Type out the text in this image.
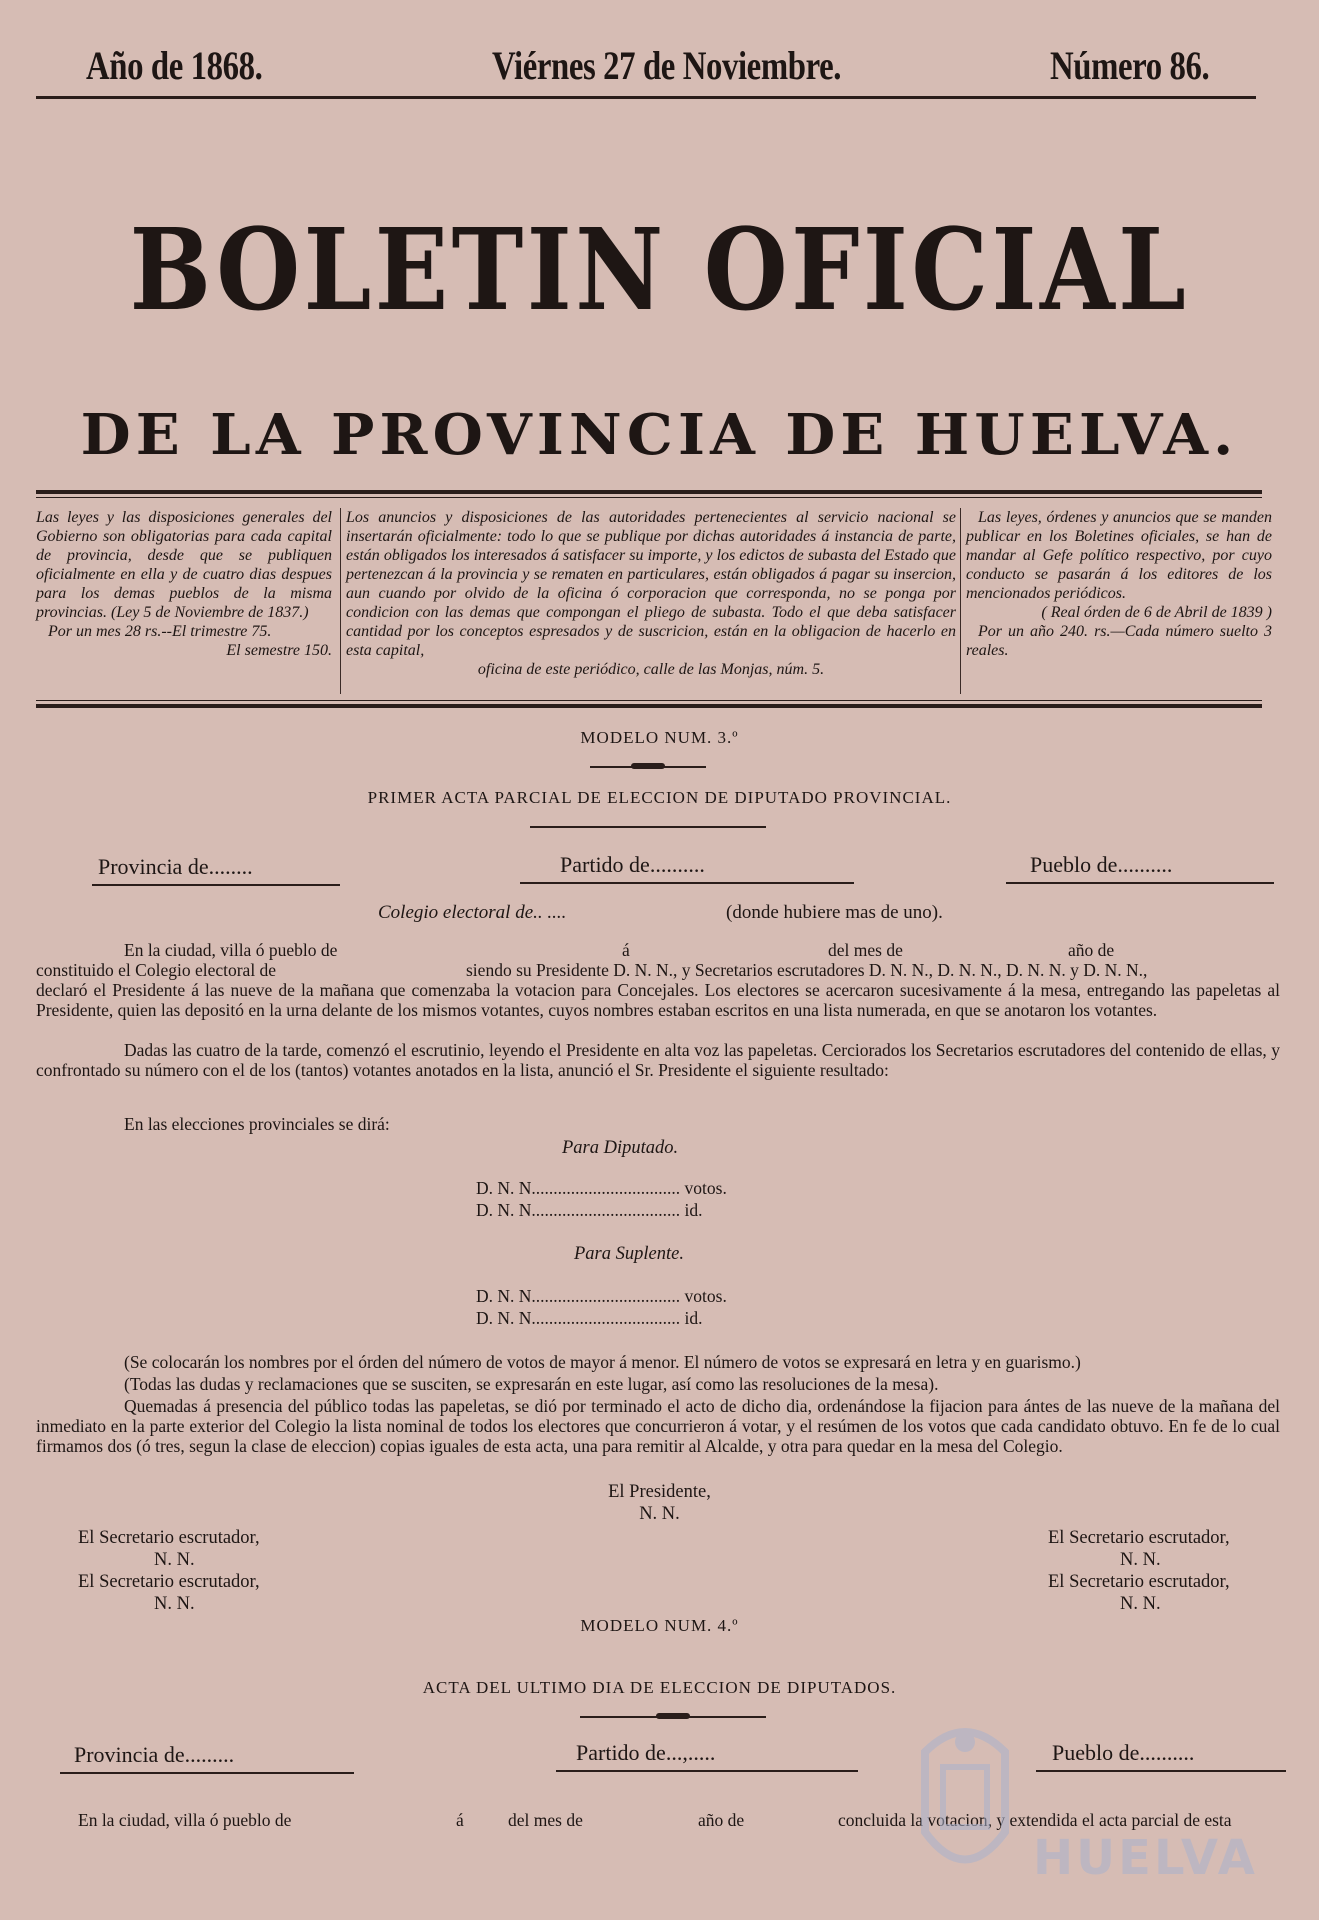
Año de 1868.	Viérnes 27 de Noviembre.	Número 86.
BOLETIN OFICIAL
DE LA PROVINCIA DE HUELVA.

Las leyes y las disposiciones generales del Gobierno son obligatorias para cada capital de provincia, desde que se publiquen oficialmente en ella y de cuatro dias despues para los demas pueblos de la misma provincias. (Ley 5 de Noviembre de 1837.)

Por un mes 28 rs.--El trimestre 75.

El semestre 150.

Los anuncios y disposiciones de las autoridades pertenecientes al servicio nacional se insertarán oficialmente: todo lo que se publique por dichas autoridades á instancia de parte, están obligados los interesados á satisfacer su importe, y los edictos de subasta del Estado que pertenezcan á la provincia y se rematen en particulares, están obligados á pagar su insercion, aun cuando por olvido de la oficina ó corporacion que corresponda, no se ponga por condicion con las demas que compongan el pliego de subasta. Todo el que deba satisfacer cantidad por los conceptos espresados y de suscricion, están en la obligacion de hacerlo en esta capital,

oficina de este periódico, calle de las Monjas, núm. 5.

Las leyes, órdenes y anuncios que se manden publicar en los Boletines oficiales, se han de mandar al Gefe político respectivo, por cuyo conducto se pasarán á los editores de los mencionados periódicos.

( Real órden de 6 de Abril de 1839 )

Por un año 240. rs.—Cada número suelto 3 reales.

MODELO NUM. 3.º
PRIMER ACTA PARCIAL DE ELECCION DE DIPUTADO PROVINCIAL.
Provincia de........	Partido de..........	Pueblo de..........
Colegio electoral de.. ....	(donde hubiere mas de uno).
En la ciudad, villa ó pueblo de	á	del mes de	año de
constituido el Colegio electoral de	siendo su Presidente D. N. N., y Secretarios escrutadores D. N. N., D. N. N., D. N. N. y D. N. N.,
declaró el Presidente á las nueve de la mañana que comenzaba la votacion para Concejales. Los electores se acercaron sucesivamente á la mesa, entregando las papeletas al Presidente, quien las depositó en la urna delante de los mismos votantes, cuyos nombres estaban escritos en una lista numerada, en que se anotaron los votantes.
Dadas las cuatro de la tarde, comenzó el escrutinio, leyendo el Presidente en alta voz las papeletas. Cerciorados los Secretarios escrutadores del contenido de ellas, y confrontado su número con el de los (tantos) votantes anotados en la lista, anunció el Sr. Presidente el siguiente resultado:
En las elecciones provinciales se dirá:
Para Diputado.
D. N. N.................................. votos.
D. N. N.................................. id.
Para Suplente.
D. N. N.................................. votos.
D. N. N.................................. id.
(Se colocarán los nombres por el órden del número de votos de mayor á menor. El número de votos se expresará en letra y en guarismo.)
(Todas las dudas y reclamaciones que se susciten, se expresarán en este lugar, así como las resoluciones de la mesa).
Quemadas á presencia del público todas las papeletas, se dió por terminado el acto de dicho dia, ordenándose la fijacion para ántes de las nueve de la mañana del inmediato en la parte exterior del Colegio la lista nominal de todos los electores que concurrieron á votar, y el resúmen de los votos que cada candidato obtuvo. En fe de lo cual firmamos dos (ó tres, segun la clase de eleccion) copias iguales de esta acta, una para remitir al Alcalde, y otra para quedar en la mesa del Colegio.
El Presidente,
N. N.
El Secretario escrutador,
N. N.
El Secretario escrutador,
N. N.
El Secretario escrutador,
N. N.
El Secretario escrutador,
N. N.
MODELO NUM. 4.º
ACTA DEL ULTIMO DIA DE ELECCION DE DIPUTADOS.
Provincia de.........	Partido de...,.....	Pueblo de..........
En la ciudad, villa ó pueblo de	á	del mes de	año de	concluida la votacion, y extendida el acta parcial de esta
HUELVA
